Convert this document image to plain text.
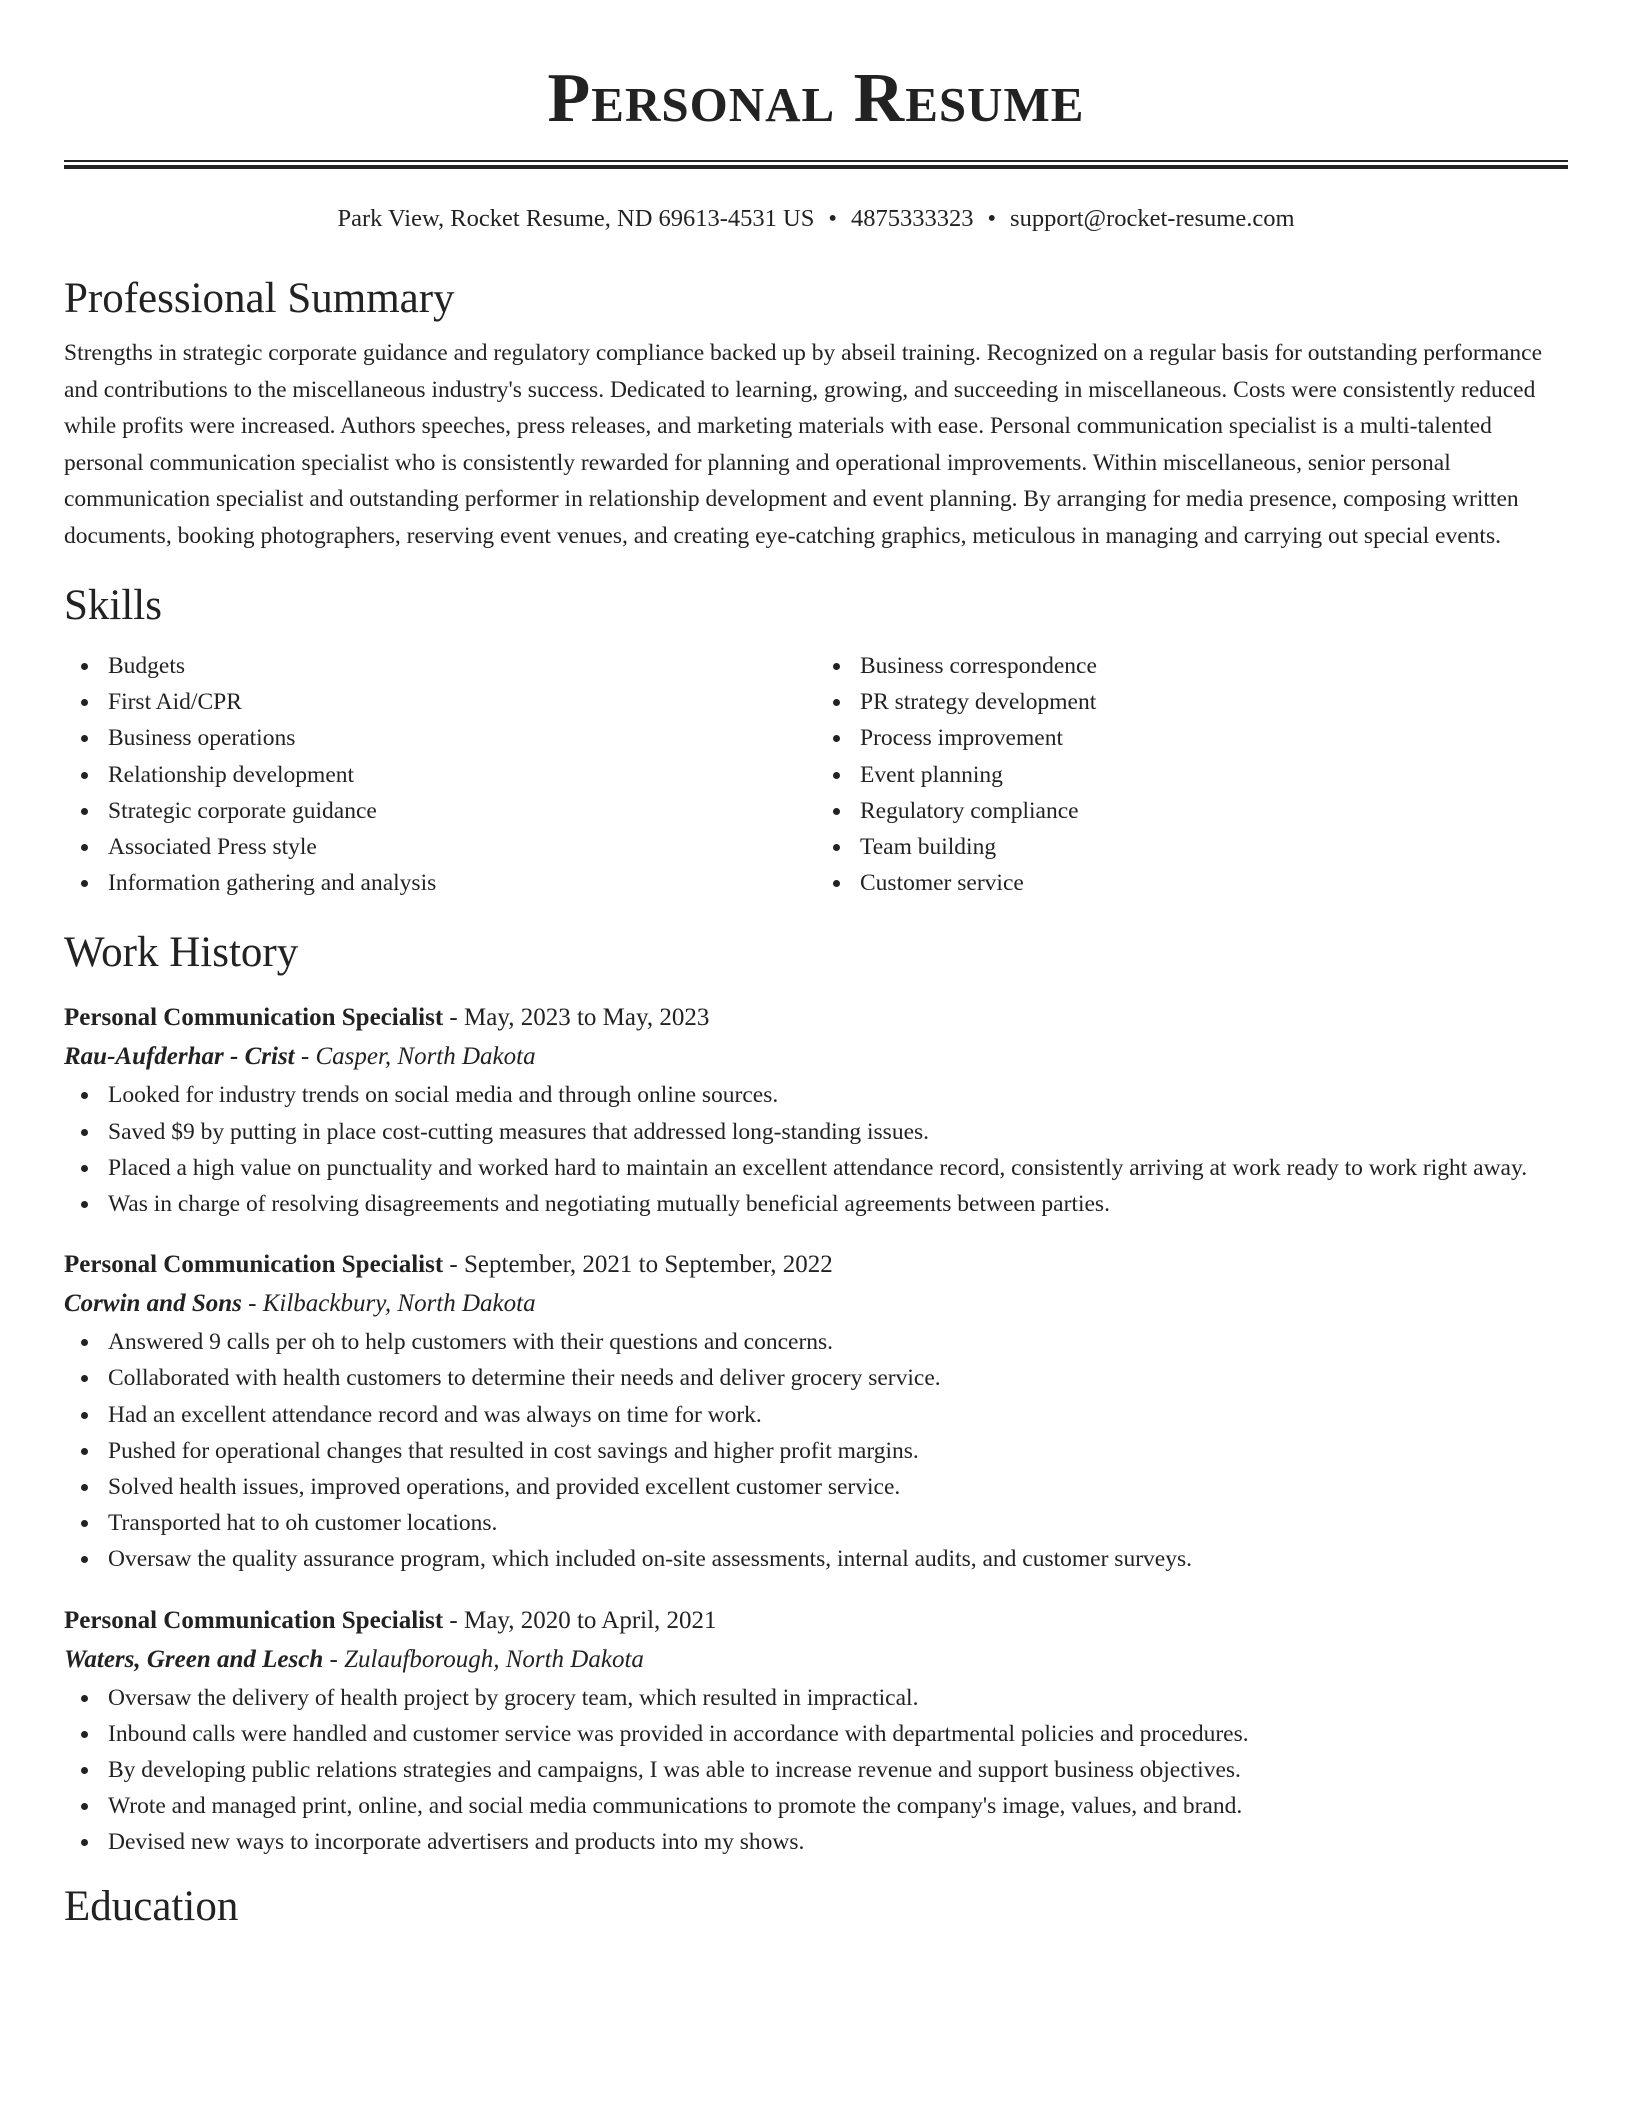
Personal Resume
Park View, Rocket Resume, ND 69613-4531 US • 4875333323 • support@rocket-resume.com
Professional Summary

Strengths in strategic corporate guidance and regulatory compliance backed up by abseil training. Recognized on a regular basis for outstanding performance and contributions to the miscellaneous industry's success. Dedicated to learning, growing, and succeeding in miscellaneous. Costs were consistently reduced while profits were increased. Authors speeches, press releases, and marketing materials with ease. Personal communication specialist is a multi-talented personal communication specialist who is consistently rewarded for planning and operational improvements. Within miscellaneous, senior personal communication specialist and outstanding performer in relationship development and event planning. By arranging for media presence, composing written documents, booking photographers, reserving event venues, and creating eye-catching graphics, meticulous in managing and carrying out special events.

Skills
Budgets
First Aid/CPR
Business operations
Relationship development
Strategic corporate guidance
Associated Press style
Information gathering and analysis
Business correspondence
PR strategy development
Process improvement
Event planning
Regulatory compliance
Team building
Customer service
Work History
Personal Communication Specialist - May, 2023 to May, 2023
Rau-Aufderhar - Crist - Casper, North Dakota
Looked for industry trends on social media and through online sources.
Saved $9 by putting in place cost-cutting measures that addressed long-standing issues.
Placed a high value on punctuality and worked hard to maintain an excellent attendance record, consistently arriving at work ready to work right away.
Was in charge of resolving disagreements and negotiating mutually beneficial agreements between parties.
Personal Communication Specialist - September, 2021 to September, 2022
Corwin and Sons - Kilbackbury, North Dakota
Answered 9 calls per oh to help customers with their questions and concerns.
Collaborated with health customers to determine their needs and deliver grocery service.
Had an excellent attendance record and was always on time for work.
Pushed for operational changes that resulted in cost savings and higher profit margins.
Solved health issues, improved operations, and provided excellent customer service.
Transported hat to oh customer locations.
Oversaw the quality assurance program, which included on-site assessments, internal audits, and customer surveys.
Personal Communication Specialist - May, 2020 to April, 2021
Waters, Green and Lesch - Zulaufborough, North Dakota
Oversaw the delivery of health project by grocery team, which resulted in impractical.
Inbound calls were handled and customer service was provided in accordance with departmental policies and procedures.
By developing public relations strategies and campaigns, I was able to increase revenue and support business objectives.
Wrote and managed print, online, and social media communications to promote the company's image, values, and brand.
Devised new ways to incorporate advertisers and products into my shows.
Education
